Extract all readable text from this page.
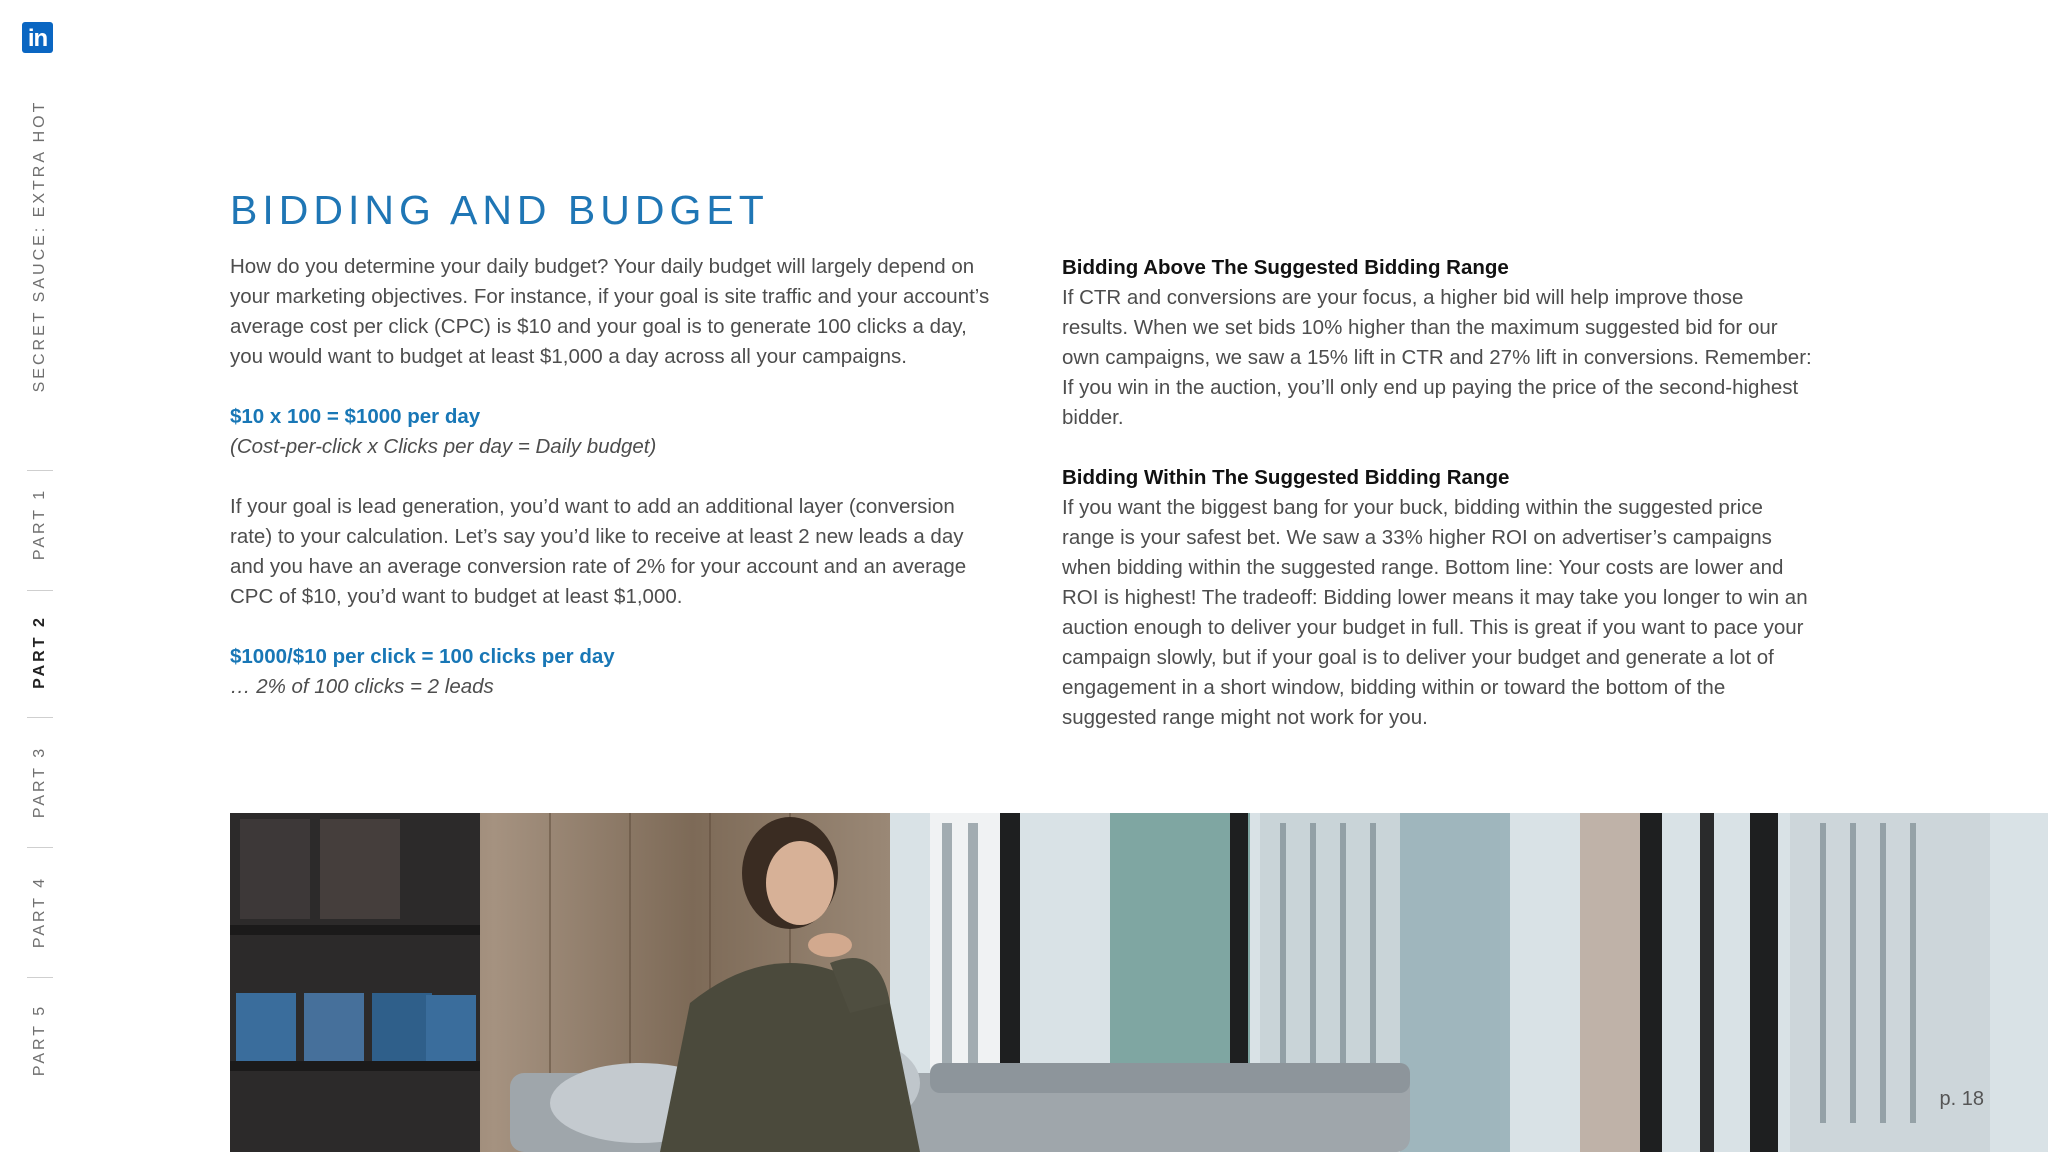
in
SECRET SAUCE: EXTRA HOT
PART 1
PART 2
PART 3
PART 4
PART 5
BIDDING AND BUDGET

How do you determine your daily budget? Your daily budget will largely depend on your marketing objectives. For instance, if your goal is site traffic and your account’s average cost per click (CPC) is $10 and your goal is to generate 100 clicks a day, you would want to budget at least $1,000 a day across all your campaigns.

$10 x 100 = $1000 per day

(Cost-per-click x Clicks per day = Daily budget)

If your goal is lead generation, you’d want to add an additional layer (conversion rate) to your calculation. Let’s say you’d like to receive at least 2 new leads a day and you have an average conversion rate of 2% for your account and an average CPC of $10, you’d want to budget at least $1,000.

$1000/$10 per click = 100 clicks per day

… 2% of 100 clicks = 2 leads

Bidding Above The Suggested Bidding Range

If CTR and conversions are your focus, a higher bid will help improve those results. When we set bids 10% higher than the maximum suggested bid for our own campaigns, we saw a 15% lift in CTR and 27% lift in conversions. Remember: If you win in the auction, you’ll only end up paying the price of the second-highest bidder.

Bidding Within The Suggested Bidding Range

If you want the biggest bang for your buck, bidding within the suggested price range is your safest bet. We saw a 33% higher ROI on advertiser’s campaigns when bidding within the suggested range. Bottom line: Your costs are lower and ROI is highest! The tradeoff: Bidding lower means it may take you longer to win an auction enough to deliver your budget in full. This is great if you want to pace your campaign slowly, but if your goal is to deliver your budget and generate a lot of engagement in a short window, bidding within or toward the bottom of the suggested range might not work for you.

p. 18
